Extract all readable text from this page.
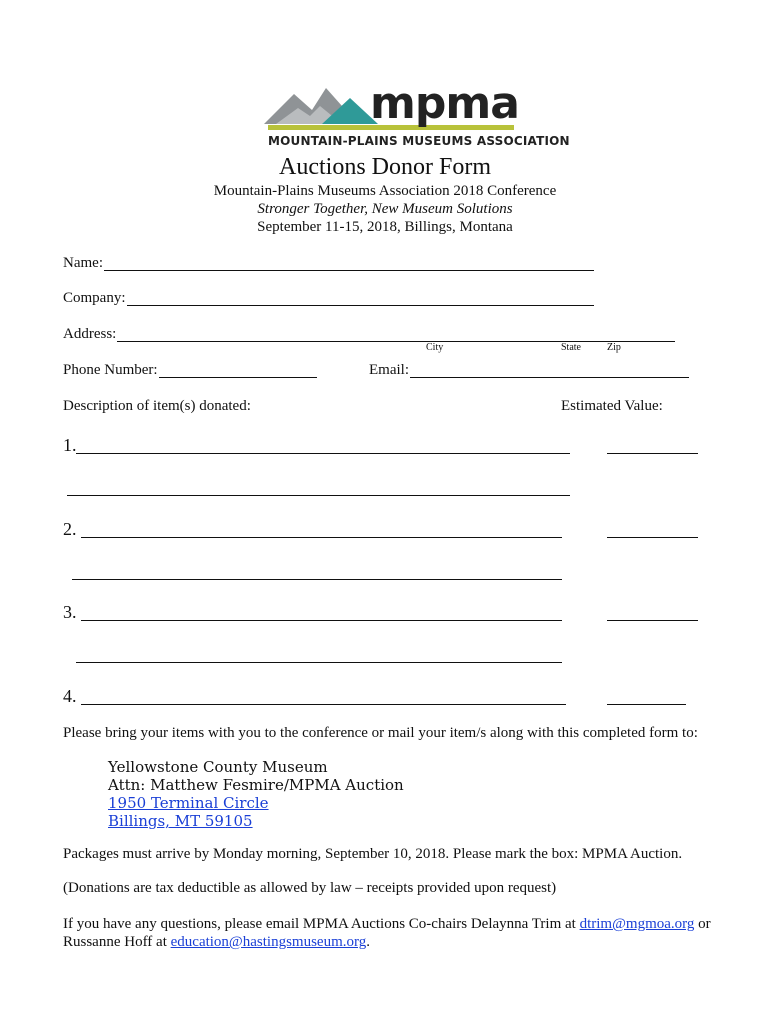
mpma
MOUNTAIN-PLAINS MUSEUMS ASSOCIATION
Auctions Donor Form
Mountain-Plains Museums Association 2018 Conference
Stronger Together, New Museum Solutions
September 11-15, 2018, Billings, Montana
Name:
Company:
Address:
City	State	Zip
Phone Number:	Email:
Description of item(s) donated:	Estimated Value:
1.
2.
3.
4.
Please bring your items with you to the conference or mail your item/s along with this completed form to:
Yellowstone County Museum
Attn: Matthew Fesmire/MPMA Auction
1950 Terminal Circle
Billings, MT 59105
Packages must arrive by Monday morning, September 10, 2018. Please mark the box: MPMA Auction.
(Donations are tax deductible as allowed by law – receipts provided upon request)
If you have any questions, please email MPMA Auctions Co-chairs Delaynna Trim at dtrim@mgmoa.org or
Russanne Hoff at education@hastingsmuseum.org.
